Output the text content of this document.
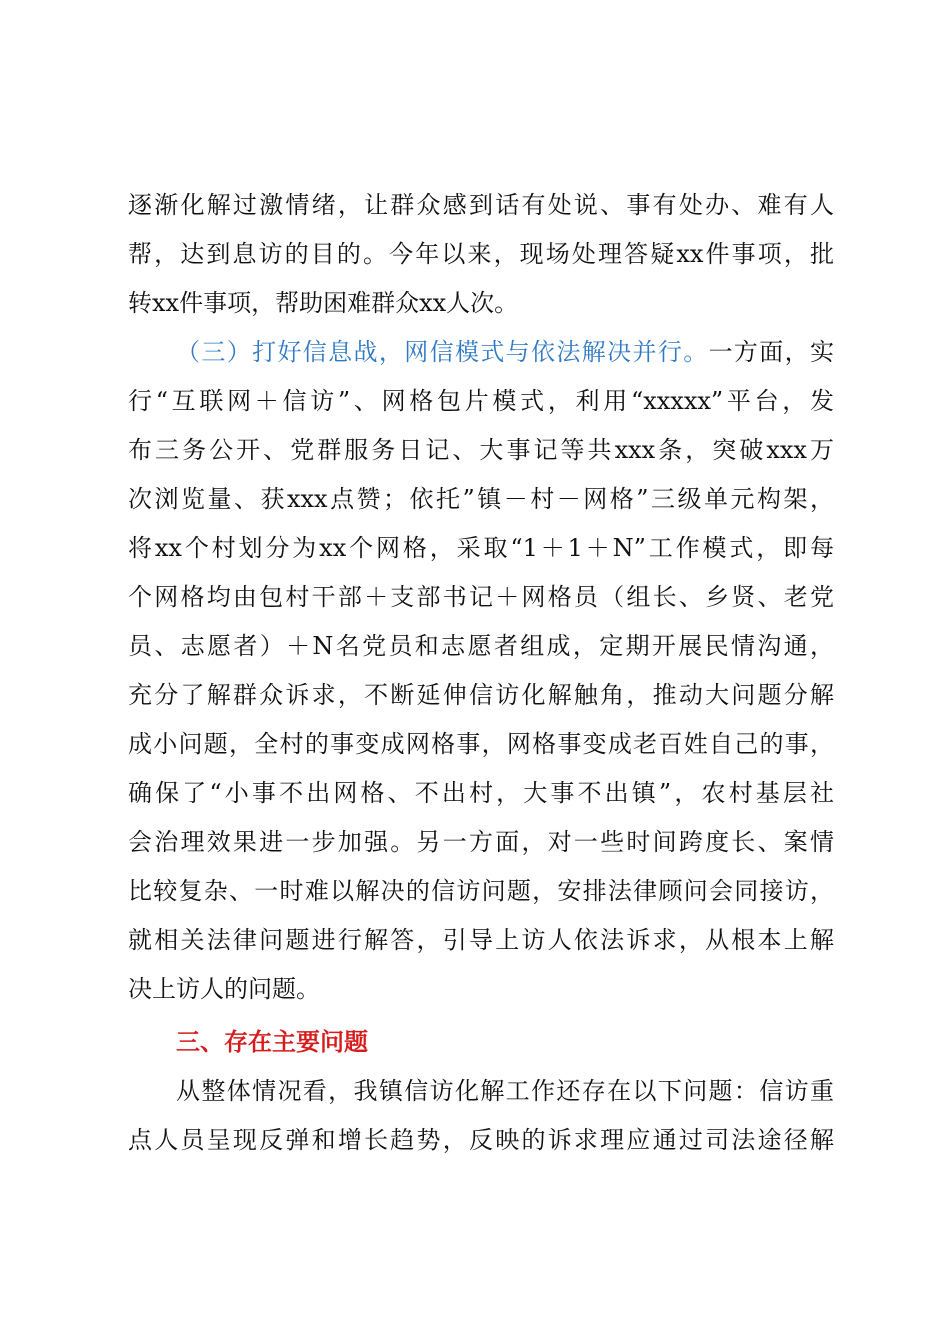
逐渐化解过激情绪，让群众感到话有处说、事有处办、难有人
帮，达到息访的目的。今年以来，现场处理答疑xx件事项，批
转xx件事项，帮助困难群众xx人次。
（三）打好信息战，网信模式与依法解决并行。一方面，实
行“互联网＋信访”、网格包片模式，利用“xxxxx”平台，发
布三务公开、党群服务日记、大事记等共xxx条，突破xxx万
次浏览量、获xxx点赞；依托”镇－村－网格”三级单元构架，
将xx个村划分为xx个网格，采取“1＋1＋N”工作模式，即每
个网格均由包村干部＋支部书记＋网格员（组长、乡贤、老党
员、志愿者）＋N名党员和志愿者组成，定期开展民情沟通，
充分了解群众诉求，不断延伸信访化解触角，推动大问题分解
成小问题，全村的事变成网格事，网格事变成老百姓自己的事，
确保了“小事不出网格、不出村，大事不出镇”，农村基层社
会治理效果进一步加强。另一方面，对一些时间跨度长、案情
比较复杂、一时难以解决的信访问题，安排法律顾问会同接访，
就相关法律问题进行解答，引导上访人依法诉求，从根本上解
决上访人的问题。
三、存在主要问题
从整体情况看，我镇信访化解工作还存在以下问题：信访重
点人员呈现反弹和增长趋势，反映的诉求理应通过司法途径解
